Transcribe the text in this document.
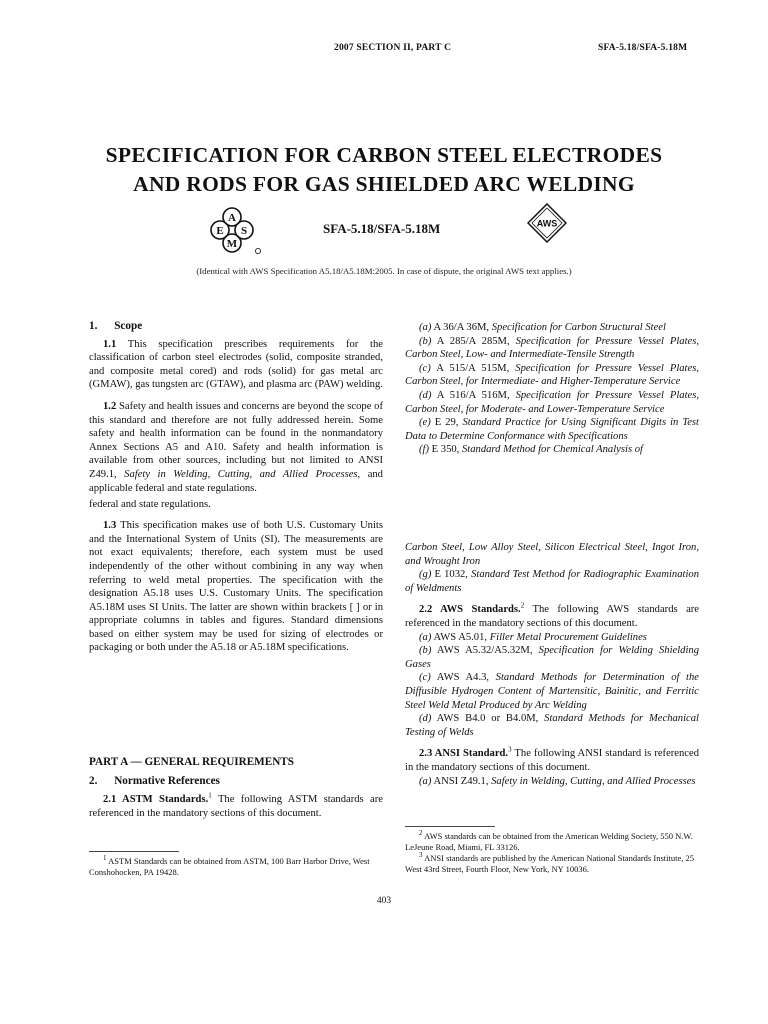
2007 SECTION II, PART C	SFA-5.18/SFA-5.18M
SPECIFICATION FOR CARBON STEEL ELECTRODES
AND RODS FOR GAS SHIELDED ARC WELDING
A
E S
M
SFA-5.18/SFA-5.18M	AWS
(Identical with AWS Specification A5.18/A5.18M:2005. In case of dispute, the original AWS text applies.)
1. Scope

1.1 This specification prescribes requirements for the classification of carbon steel electrodes (solid, composite stranded, and composite metal cored) and rods (solid) for gas metal arc (GMAW), gas tungsten arc (GTAW), and plasma arc (PAW) welding.

1.2 Safety and health issues and concerns are beyond the scope of this standard and therefore are not fully addressed herein. Some safety and health information can be found in the nonmandatory Annex Sections A5 and A10. Safety and health information is available from other sources, including but not limited to ANSI Z49.1, Safety in Welding, Cutting, and Allied Processes, and applicable federal and state regulations.

federal and state regulations.

1.3 This specification makes use of both U.S. Customary Units and the International System of Units (SI). The measurements are not exact equivalents; therefore, each system must be used independently of the other without combining in any way when referring to weld metal properties. The specification with the designation A5.18 uses U.S. Customary Units. The specification A5.18M uses SI Units. The latter are shown within brackets [ ] or in appropriate columns in tables and figures. Standard dimensions based on either system may be used for sizing of electrodes or packaging or both under the A5.18 or A5.18M specifications.

PART A — GENERAL REQUIREMENTS
2. Normative References

2.1 ASTM Standards.$^1$ The following ASTM standards are referenced in the mandatory sections of this document.

$^1$ ASTM Standards can be obtained from ASTM, 100 Barr Harbor Drive, West Conshohocken, PA 19428.

(a) A 36/A 36M, Specification for Carbon Structural Steel

(b) A 285/A 285M, Specification for Pressure Vessel Plates, Carbon Steel, Low- and Intermediate-Tensile Strength

(c) A 515/A 515M, Specification for Pressure Vessel Plates, Carbon Steel, for Intermediate- and Higher-Temperature Service

(d) A 516/A 516M, Specification for Pressure Vessel Plates, Carbon Steel, for Moderate- and Lower-Temperature Service

(e) E 29, Standard Practice for Using Significant Digits in Test Data to Determine Conformance with Specifications

(f) E 350, Standard Method for Chemical Analysis of

Carbon Steel, Low Alloy Steel, Silicon Electrical Steel, Ingot Iron, and Wrought Iron

(g) E 1032, Standard Test Method for Radiographic Examination of Weldments

2.2 AWS Standards.$^2$ The following AWS standards are referenced in the mandatory sections of this document.

(a) AWS A5.01, Filler Metal Procurement Guidelines

(b) AWS A5.32/A5.32M, Specification for Welding Shielding Gases

(c) AWS A4.3, Standard Methods for Determination of the Diffusible Hydrogen Content of Martensitic, Bainitic, and Ferritic Steel Weld Metal Produced by Arc Welding

(d) AWS B4.0 or B4.0M, Standard Methods for Mechanical Testing of Welds

2.3 ANSI Standard.$^3$ The following ANSI standard is referenced in the mandatory sections of this document.

(a) ANSI Z49.1, Safety in Welding, Cutting, and Allied Processes

$^2$ AWS standards can be obtained from the American Welding Society, 550 N.W. LeJeune Road, Miami, FL 33126.

$^3$ ANSI standards are published by the American National Standards Institute, 25 West 43rd Street, Fourth Floor, New York, NY 10036.

403
